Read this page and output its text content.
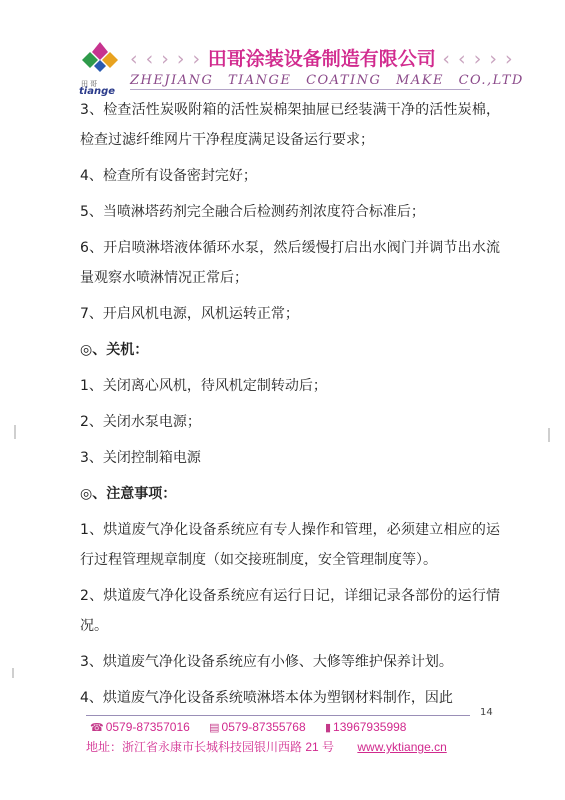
田哥
tiange
‹ ‹ › › › 田哥涂装设备制造有限公司 ‹ ‹ › › ›
ZHEJIANG TIANGE COATING MAKE CO.,LTD

3、检查活性炭吸附箱的活性炭棉架抽屉已经装满干净的活性炭棉，检查过滤纤维网片干净程度满足设备运行要求；

4、检查所有设备密封完好；

5、当喷淋塔药剂完全融合后检测药剂浓度符合标准后；

6、开启喷淋塔液体循环水泵，然后缓慢打启出水阀门并调节出水流量观察水喷淋情况正常后；

7、开启风机电源，风机运转正常；

◎、关机：

1、关闭离心风机，待风机定制转动后；

2、关闭水泵电源；

3、关闭控制箱电源

◎、注意事项：

1、烘道废气净化设备系统应有专人操作和管理，必须建立相应的运行过程管理规章制度（如交接班制度，安全管理制度等）。

2、烘道废气净化设备系统应有运行日记，详细记录各部份的运行情况。

3、烘道废气净化设备系统应有小修、大修等维护保养计划。

4、烘道废气净化设备系统喷淋塔本体为塑钢材料制作，因此

14
☎ 0579-87357016 ▤ 0579-87355768 ▮ 13967935998
地址：浙江省永康市长城科技园银川西路 21 号 www.yktiange.cn
